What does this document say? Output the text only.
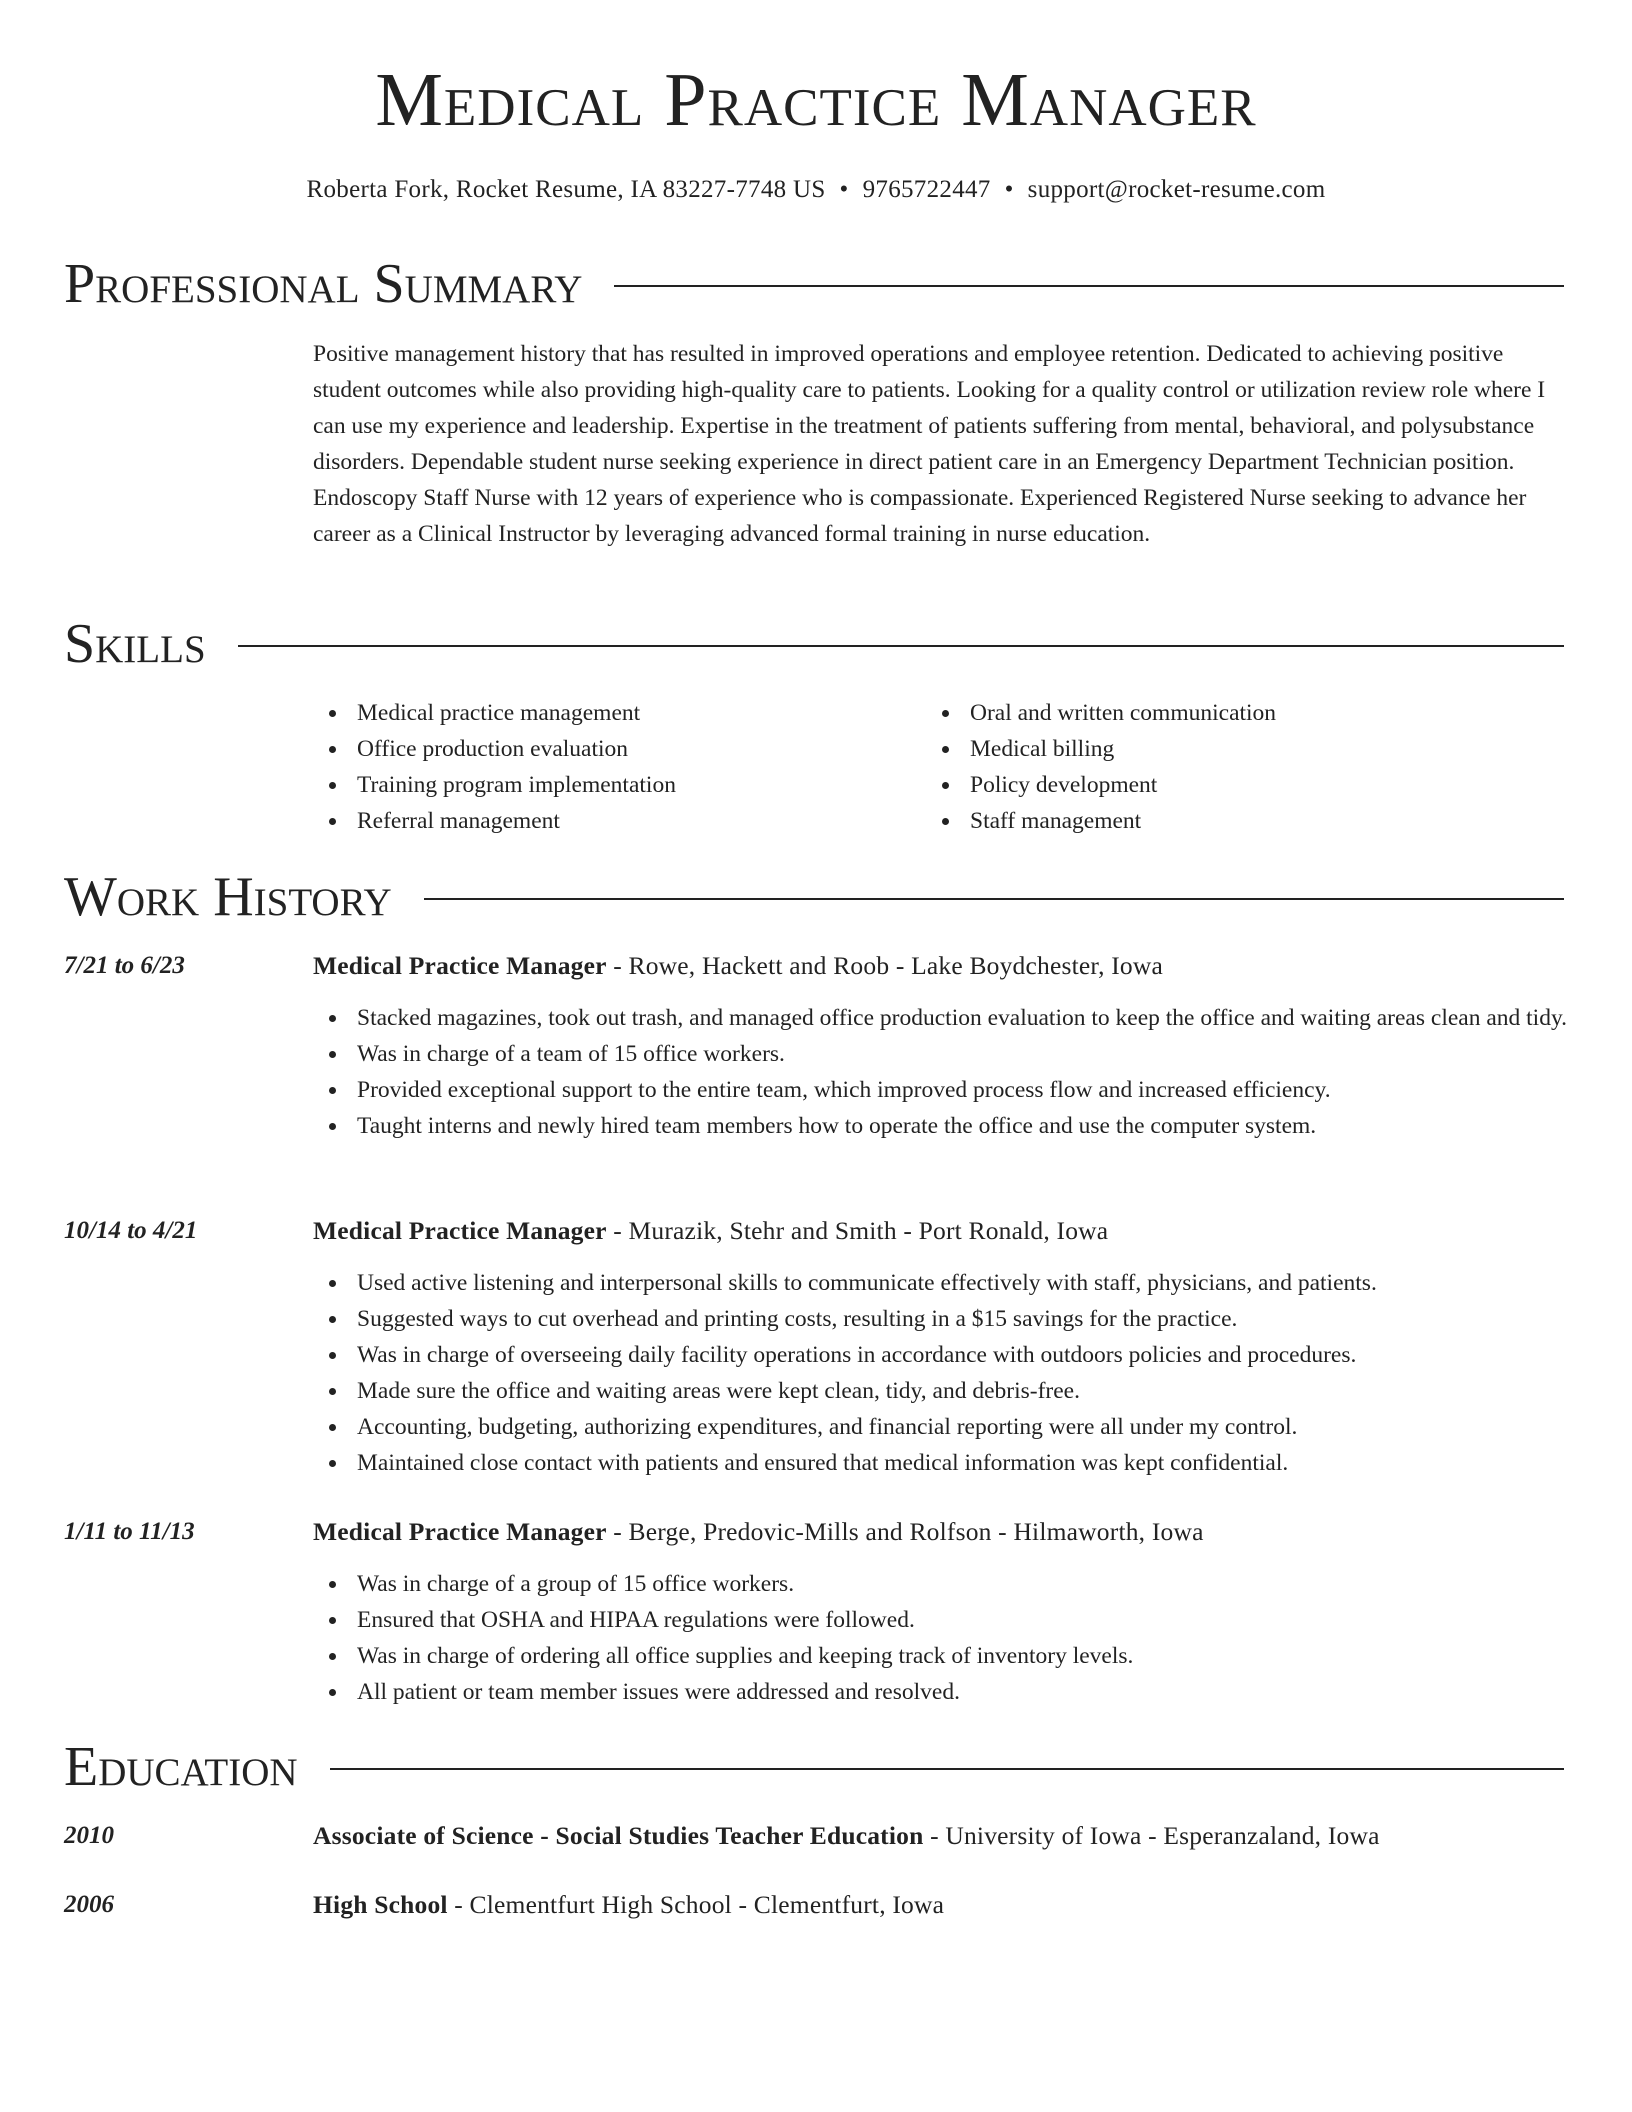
Medical Practice Manager
Roberta Fork, Rocket Resume, IA 83227-7748 US • 9765722447 • support@rocket-resume.com
Professional Summary

Positive management history that has resulted in improved operations and employee retention. Dedicated to achieving positive student outcomes while also providing high-quality care to patients. Looking for a quality control or utilization review role where I can use my experience and leadership. Expertise in the treatment of patients suffering from mental, behavioral, and polysubstance disorders. Dependable student nurse seeking experience in direct patient care in an Emergency Department Technician position. Endoscopy Staff Nurse with 12 years of experience who is compassionate. Experienced Registered Nurse seeking to advance her career as a Clinical Instructor by leveraging advanced formal training in nurse education.

Skills
Medical practice management
Office production evaluation
Training program implementation
Referral management
Oral and written communication
Medical billing
Policy development
Staff management
Work History
7/21 to 6/23	Medical Practice Manager - Rowe, Hackett and Roob - Lake Boydchester, Iowa
Stacked magazines, took out trash, and managed office production evaluation to keep the office and waiting areas clean and tidy.
Was in charge of a team of 15 office workers.
Provided exceptional support to the entire team, which improved process flow and increased efficiency.
Taught interns and newly hired team members how to operate the office and use the computer system.
10/14 to 4/21	Medical Practice Manager - Murazik, Stehr and Smith - Port Ronald, Iowa
Used active listening and interpersonal skills to communicate effectively with staff, physicians, and patients.
Suggested ways to cut overhead and printing costs, resulting in a $15 savings for the practice.
Was in charge of overseeing daily facility operations in accordance with outdoors policies and procedures.
Made sure the office and waiting areas were kept clean, tidy, and debris-free.
Accounting, budgeting, authorizing expenditures, and financial reporting were all under my control.
Maintained close contact with patients and ensured that medical information was kept confidential.
1/11 to 11/13	Medical Practice Manager - Berge, Predovic-Mills and Rolfson - Hilmaworth, Iowa
Was in charge of a group of 15 office workers.
Ensured that OSHA and HIPAA regulations were followed.
Was in charge of ordering all office supplies and keeping track of inventory levels.
All patient or team member issues were addressed and resolved.
Education
2010	Associate of Science - Social Studies Teacher Education - University of Iowa - Esperanzaland, Iowa
2006	High School - Clementfurt High School - Clementfurt, Iowa
